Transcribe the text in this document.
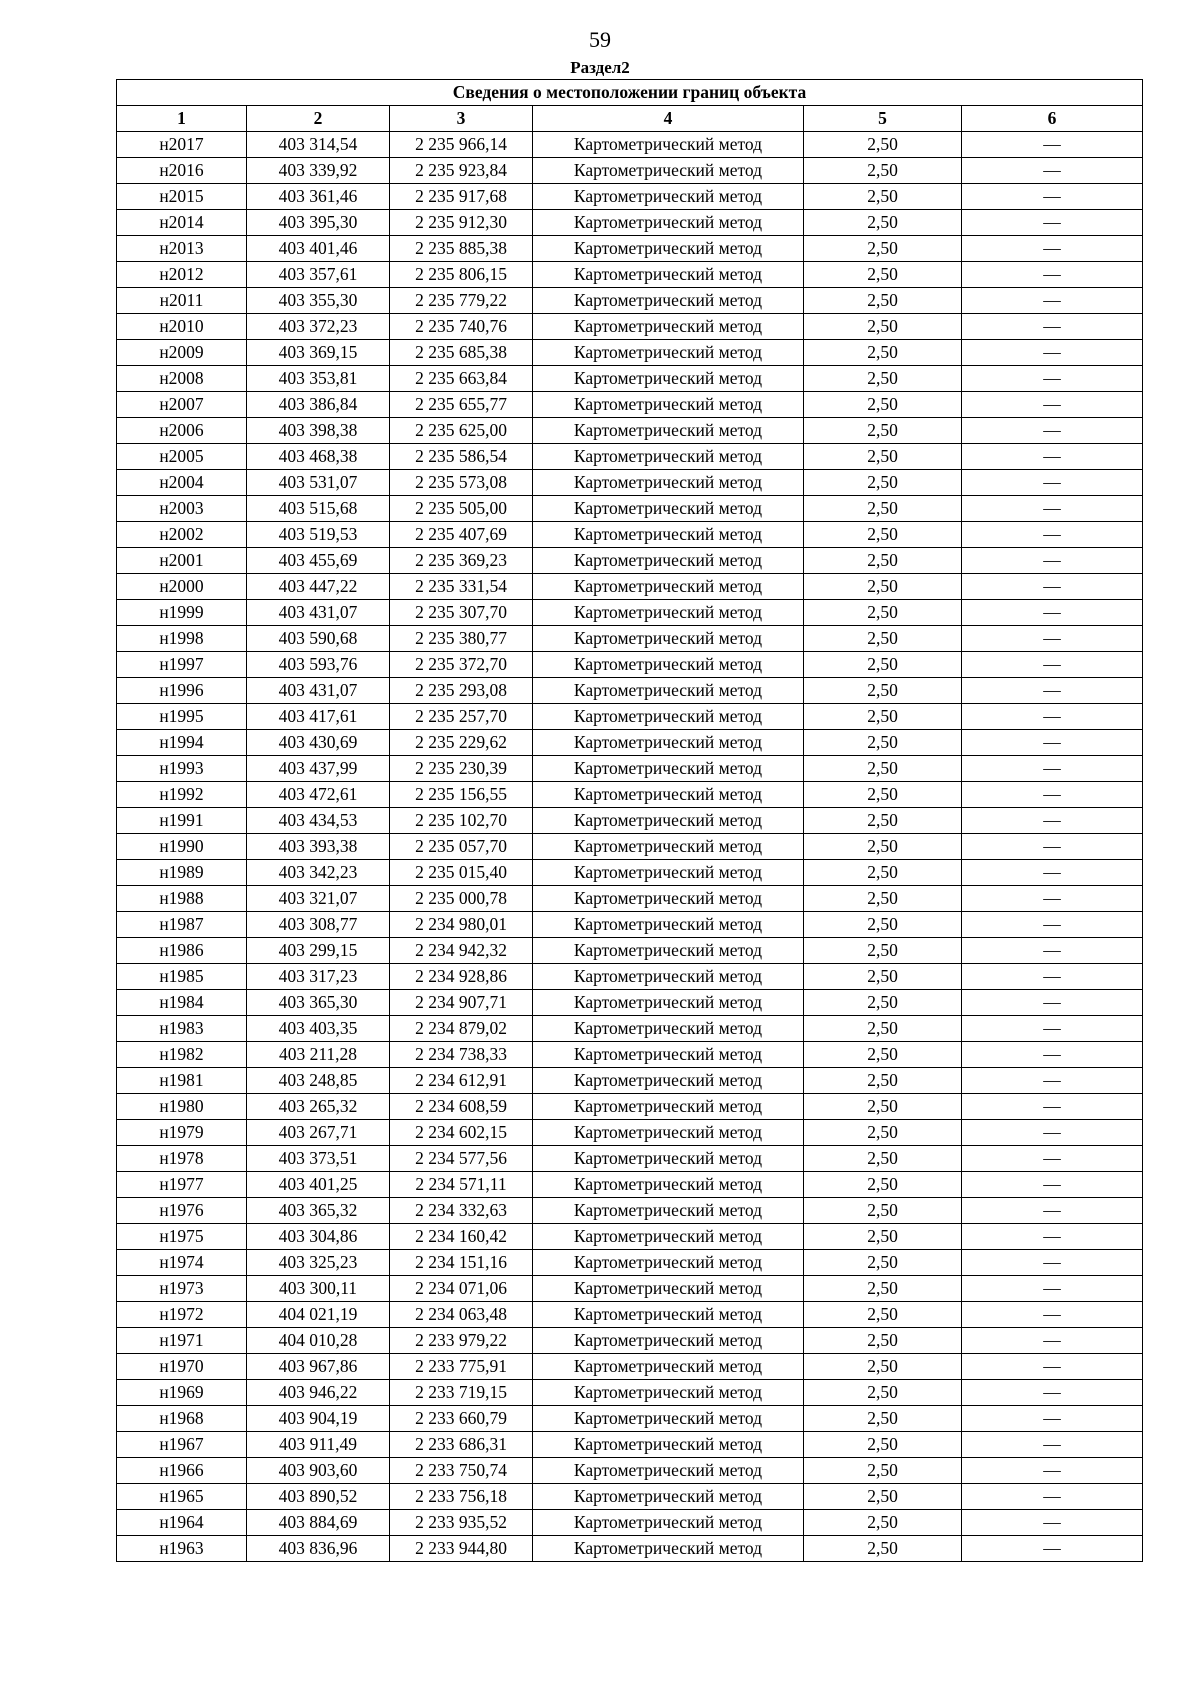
59
Раздел2
Сведения о местоположении границ объекта					
1	2	3	4	5	6
н2017	403 314,54	2 235 966,14	Картометрический метод	2,50	—
н2016	403 339,92	2 235 923,84	Картометрический метод	2,50	—
н2015	403 361,46	2 235 917,68	Картометрический метод	2,50	—
н2014	403 395,30	2 235 912,30	Картометрический метод	2,50	—
н2013	403 401,46	2 235 885,38	Картометрический метод	2,50	—
н2012	403 357,61	2 235 806,15	Картометрический метод	2,50	—
н2011	403 355,30	2 235 779,22	Картометрический метод	2,50	—
н2010	403 372,23	2 235 740,76	Картометрический метод	2,50	—
н2009	403 369,15	2 235 685,38	Картометрический метод	2,50	—
н2008	403 353,81	2 235 663,84	Картометрический метод	2,50	—
н2007	403 386,84	2 235 655,77	Картометрический метод	2,50	—
н2006	403 398,38	2 235 625,00	Картометрический метод	2,50	—
н2005	403 468,38	2 235 586,54	Картометрический метод	2,50	—
н2004	403 531,07	2 235 573,08	Картометрический метод	2,50	—
н2003	403 515,68	2 235 505,00	Картометрический метод	2,50	—
н2002	403 519,53	2 235 407,69	Картометрический метод	2,50	—
н2001	403 455,69	2 235 369,23	Картометрический метод	2,50	—
н2000	403 447,22	2 235 331,54	Картометрический метод	2,50	—
н1999	403 431,07	2 235 307,70	Картометрический метод	2,50	—
н1998	403 590,68	2 235 380,77	Картометрический метод	2,50	—
н1997	403 593,76	2 235 372,70	Картометрический метод	2,50	—
н1996	403 431,07	2 235 293,08	Картометрический метод	2,50	—
н1995	403 417,61	2 235 257,70	Картометрический метод	2,50	—
н1994	403 430,69	2 235 229,62	Картометрический метод	2,50	—
н1993	403 437,99	2 235 230,39	Картометрический метод	2,50	—
н1992	403 472,61	2 235 156,55	Картометрический метод	2,50	—
н1991	403 434,53	2 235 102,70	Картометрический метод	2,50	—
н1990	403 393,38	2 235 057,70	Картометрический метод	2,50	—
н1989	403 342,23	2 235 015,40	Картометрический метод	2,50	—
н1988	403 321,07	2 235 000,78	Картометрический метод	2,50	—
н1987	403 308,77	2 234 980,01	Картометрический метод	2,50	—
н1986	403 299,15	2 234 942,32	Картометрический метод	2,50	—
н1985	403 317,23	2 234 928,86	Картометрический метод	2,50	—
н1984	403 365,30	2 234 907,71	Картометрический метод	2,50	—
н1983	403 403,35	2 234 879,02	Картометрический метод	2,50	—
н1982	403 211,28	2 234 738,33	Картометрический метод	2,50	—
н1981	403 248,85	2 234 612,91	Картометрический метод	2,50	—
н1980	403 265,32	2 234 608,59	Картометрический метод	2,50	—
н1979	403 267,71	2 234 602,15	Картометрический метод	2,50	—
н1978	403 373,51	2 234 577,56	Картометрический метод	2,50	—
н1977	403 401,25	2 234 571,11	Картометрический метод	2,50	—
н1976	403 365,32	2 234 332,63	Картометрический метод	2,50	—
н1975	403 304,86	2 234 160,42	Картометрический метод	2,50	—
н1974	403 325,23	2 234 151,16	Картометрический метод	2,50	—
н1973	403 300,11	2 234 071,06	Картометрический метод	2,50	—
н1972	404 021,19	2 234 063,48	Картометрический метод	2,50	—
н1971	404 010,28	2 233 979,22	Картометрический метод	2,50	—
н1970	403 967,86	2 233 775,91	Картометрический метод	2,50	—
н1969	403 946,22	2 233 719,15	Картометрический метод	2,50	—
н1968	403 904,19	2 233 660,79	Картометрический метод	2,50	—
н1967	403 911,49	2 233 686,31	Картометрический метод	2,50	—
н1966	403 903,60	2 233 750,74	Картометрический метод	2,50	—
н1965	403 890,52	2 233 756,18	Картометрический метод	2,50	—
н1964	403 884,69	2 233 935,52	Картометрический метод	2,50	—
н1963	403 836,96	2 233 944,80	Картометрический метод	2,50	—
